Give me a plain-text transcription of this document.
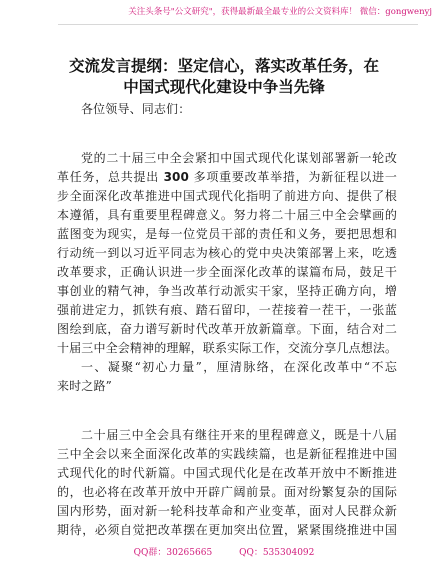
关注头条号"公文研究"，获得最新最全最专业的公文资料库！ 微信：gongwenyj
交流发言提纲：坚定信心，落实改革任务，在
中国式现代化建设中争当先锋
各位领导、同志们：
党的二十届三中全会紧扣中国式现代化谋划部署新一轮改
革任务，总共提出 300 多项重要改革举措，为新征程以进一
步全面深化改革推进中国式现代化指明了前进方向、提供了根
本遵循，具有重要里程碑意义。努力将二十届三中全会擘画的
蓝图变为现实，是每一位党员干部的责任和义务，要把思想和
行动统一到以习近平同志为核心的党中央决策部署上来，吃透
改革要求，正确认识进一步全面深化改革的谋篇布局，鼓足干
事创业的精气神，争当改革行动派实干家，坚持正确方向，增
强前进定力，抓铁有痕、踏石留印，一茬接着一茬干，一张蓝
图绘到底，奋力谱写新时代改革开放新篇章。下面，结合对二
十届三中全会精神的理解，联系实际工作，交流分享几点想法。
一、凝聚“初心力量”，厘清脉络，在深化改革中“不忘
来时之路”
二十届三中全会具有继往开来的里程碑意义，既是十八届
三中全会以来全面深化改革的实践续篇，也是新征程推进中国
式现代化的时代新篇。中国式现代化是在改革开放中不断推进
的，也必将在改革开放中开辟广阔前景。面对纷繁复杂的国际
国内形势，面对新一轮科技革命和产业变革，面对人民群众新
期待，必须自觉把改革摆在更加突出位置，紧紧围绕推进中国
QQ群：30265665	QQ：535304092
